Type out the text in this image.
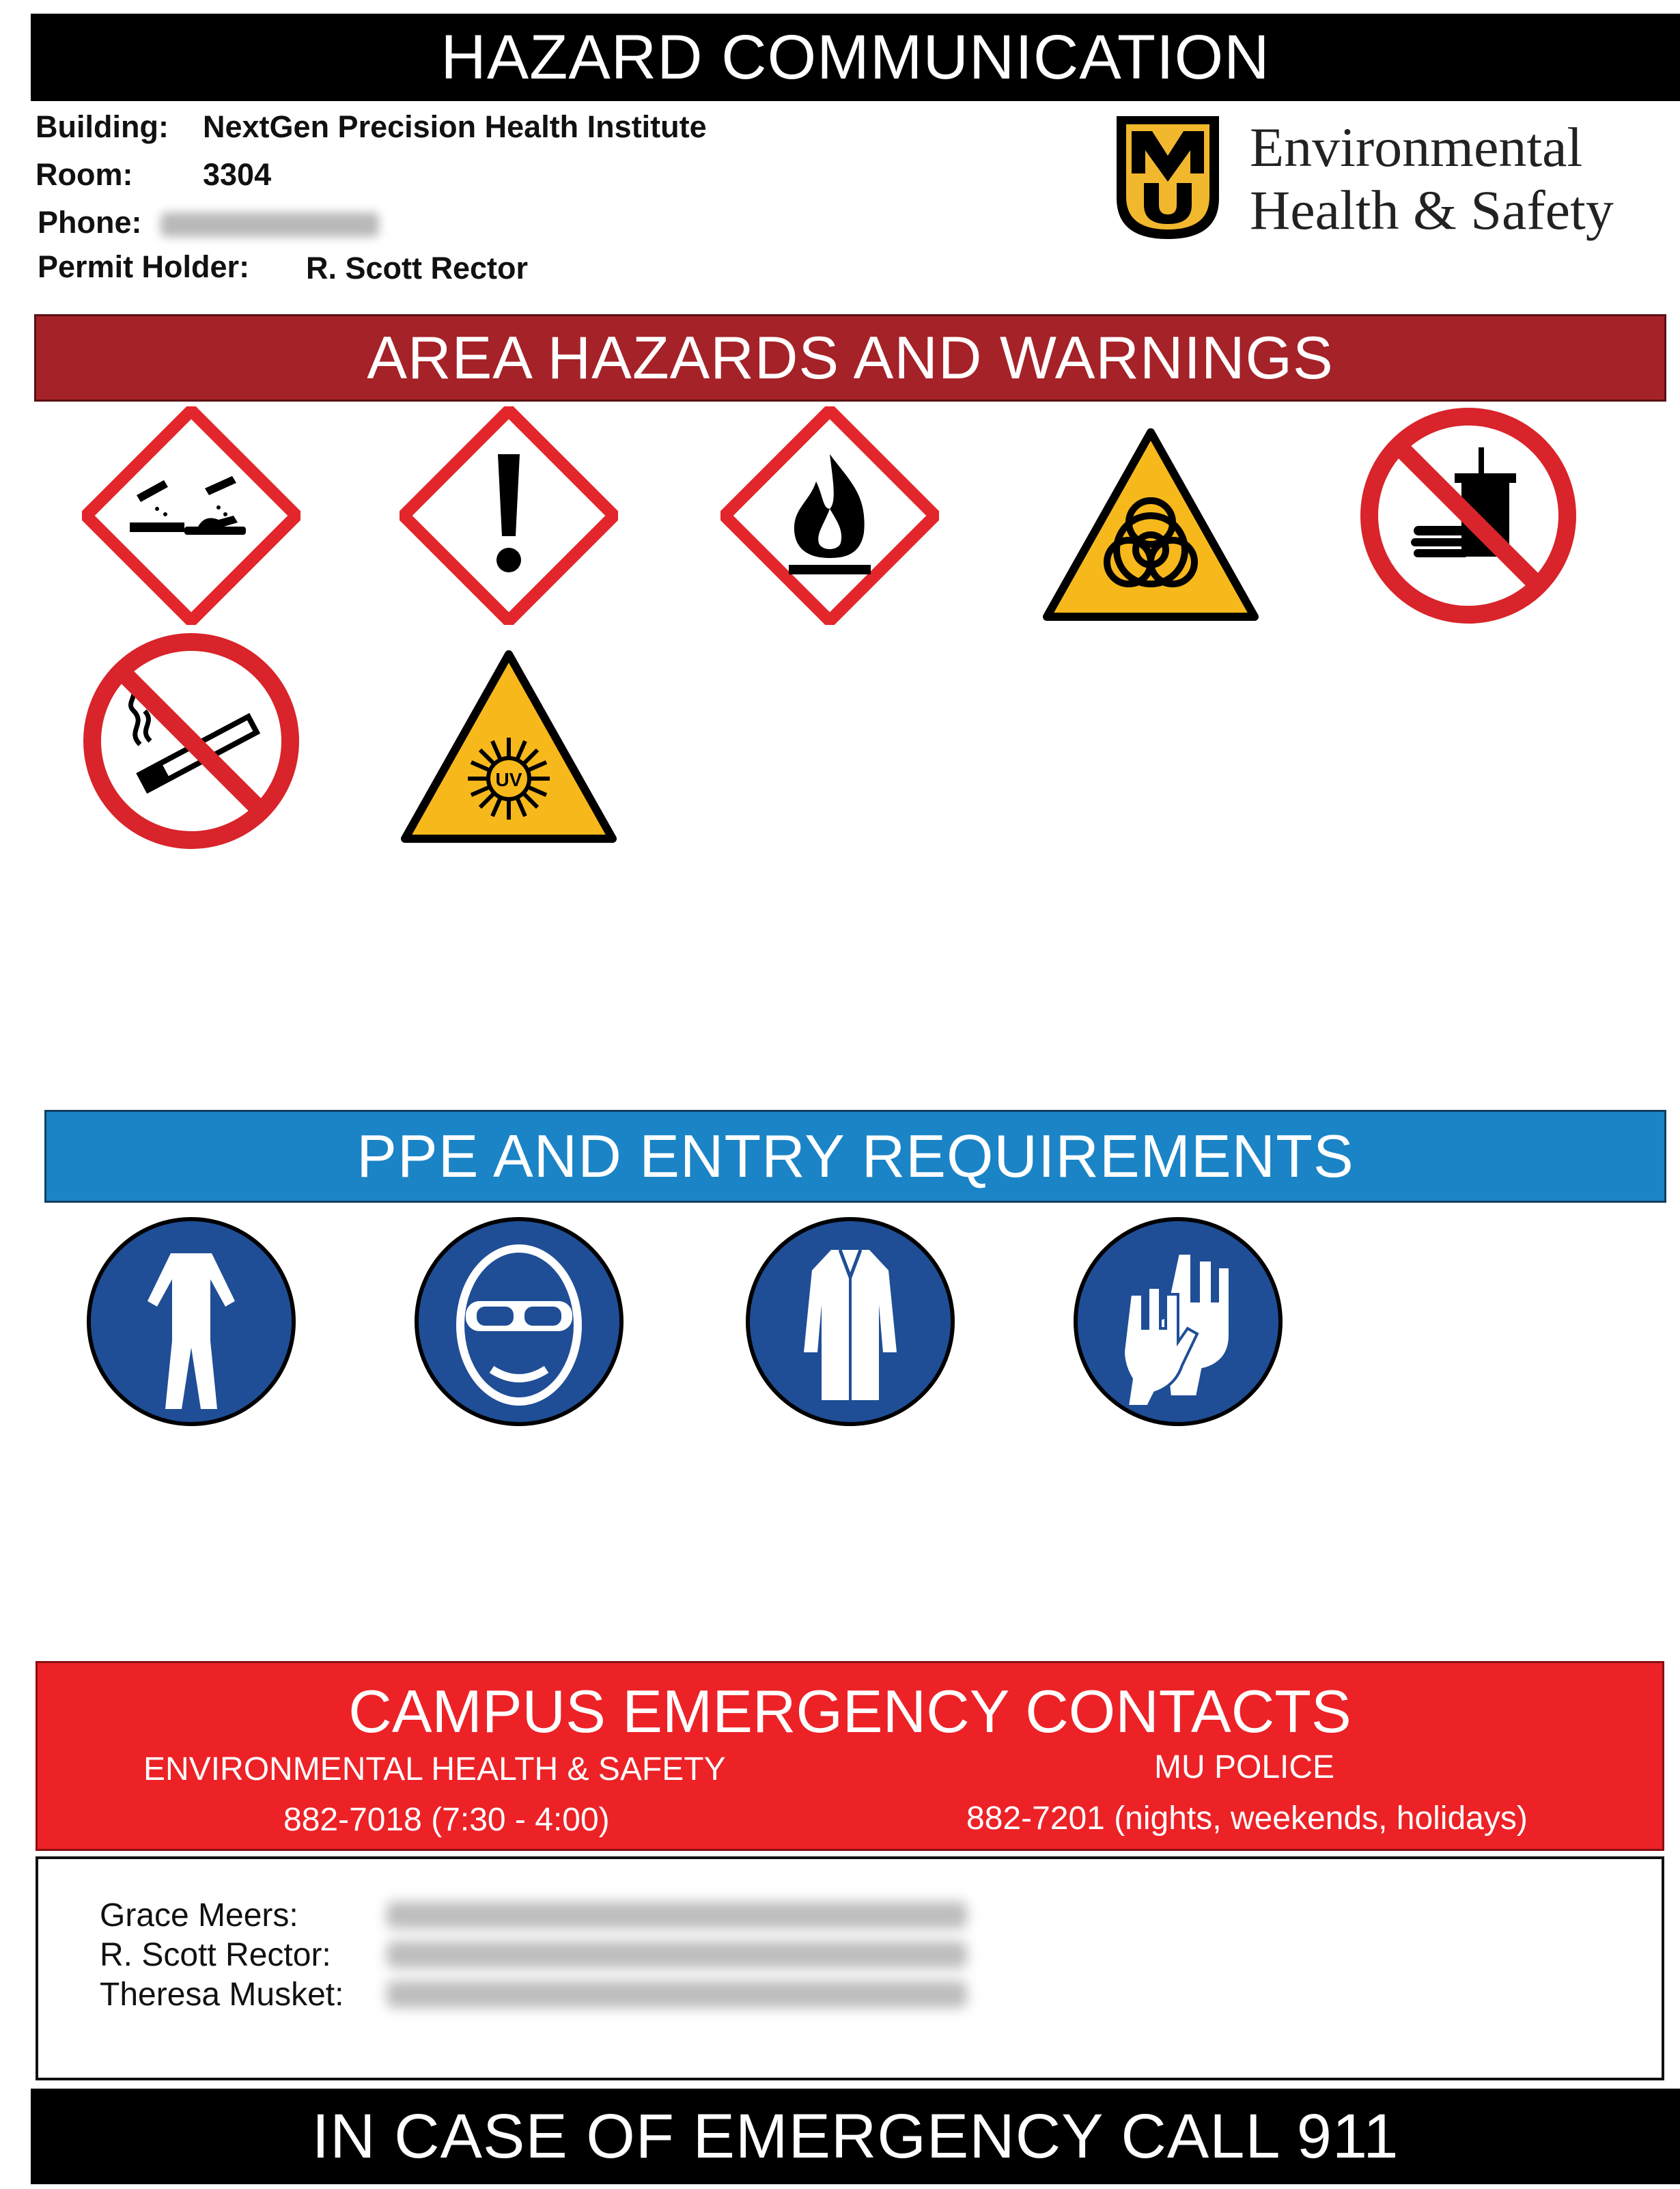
HAZARD COMMUNICATION
Building: NextGen Precision Health Institute
Room: 3304
Phone:
Permit Holder: R. Scott Rector
Environmental
Health & Safety
AREA HAZARDS AND WARNINGS
UV
PPE AND ENTRY REQUIREMENTS
CAMPUS EMERGENCY CONTACTS
ENVIRONMENTAL HEALTH & SAFETY
882-7018 (7:30 - 4:00)
MU POLICE
882-7201 (nights, weekends, holidays)
Grace Meers:
R. Scott Rector:
Theresa Musket:
IN CASE OF EMERGENCY CALL 911
